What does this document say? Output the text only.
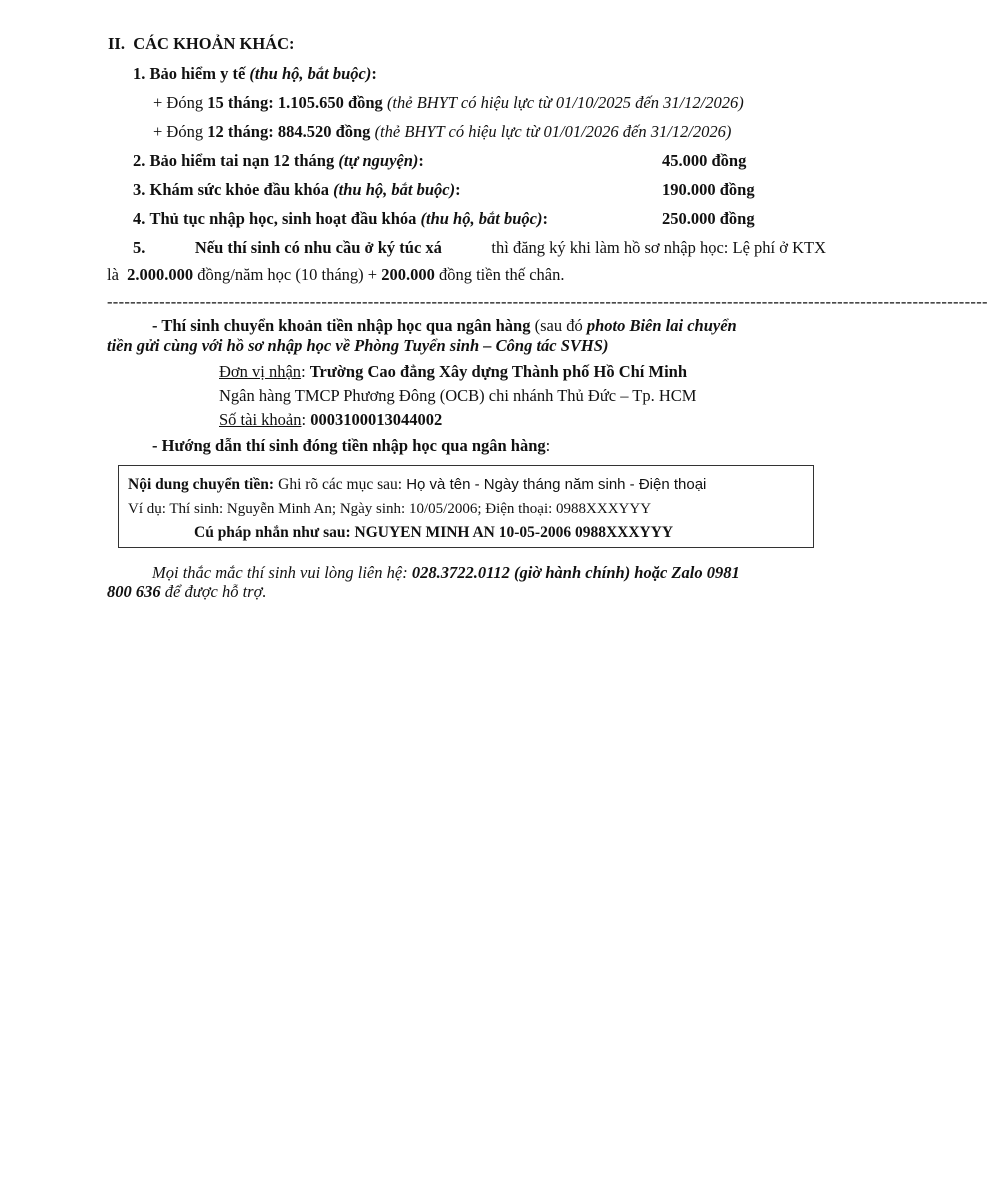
II.  CÁC KHOẢN KHÁC:
1. Bảo hiểm y tế (thu hộ, bắt buộc):
+ Đóng 15 tháng: 1.105.650 đồng (thẻ BHYT có hiệu lực từ 01/10/2025 đến 31/12/2026)
+ Đóng 12 tháng: 884.520 đồng (thẻ BHYT có hiệu lực từ 01/01/2026 đến 31/12/2026)
2. Bảo hiểm tai nạn 12 tháng (tự nguyện):	45.000 đồng
3. Khám sức khỏe đầu khóa (thu hộ, bắt buộc):	190.000 đồng
4. Thủ tục nhập học, sinh hoạt đầu khóa (thu hộ, bắt buộc):	250.000 đồng
5.	Nếu thí sinh có nhu cầu ở ký túc xá	thì đăng ký khi làm hồ sơ nhập học: Lệ phí ở KTX
là 2.000.000 đồng/năm học (10 tháng) + 200.000 đồng tiền thế chân.
--------------------------------------------------------------------------------------------------------------------------------------------------------
- Thí sinh chuyển khoản tiền nhập học qua ngân hàng (sau đó photo Biên lai chuyển
tiền gửi cùng với hồ sơ nhập học về Phòng Tuyển sinh – Công tác SVHS)
Đơn vị nhận: Trường Cao đẳng Xây dựng Thành phố Hồ Chí Minh
Ngân hàng TMCP Phương Đông (OCB) chi nhánh Thủ Đức – Tp. HCM
Số tài khoản: 0003100013044002
- Hướng dẫn thí sinh đóng tiền nhập học qua ngân hàng:
Nội dung chuyển tiền: Ghi rõ các mục sau: Họ và tên - Ngày tháng năm sinh - Điện thoại
Ví dụ: Thí sinh: Nguyễn Minh An; Ngày sinh: 10/05/2006; Điện thoại: 0988XXXYYY
Cú pháp nhắn như sau: NGUYEN MINH AN 10-05-2006 0988XXXYYY
Mọi thắc mắc thí sinh vui lòng liên hệ: 028.3722.0112 (giờ hành chính) hoặc Zalo 0981
800 636 để được hỗ trợ.
